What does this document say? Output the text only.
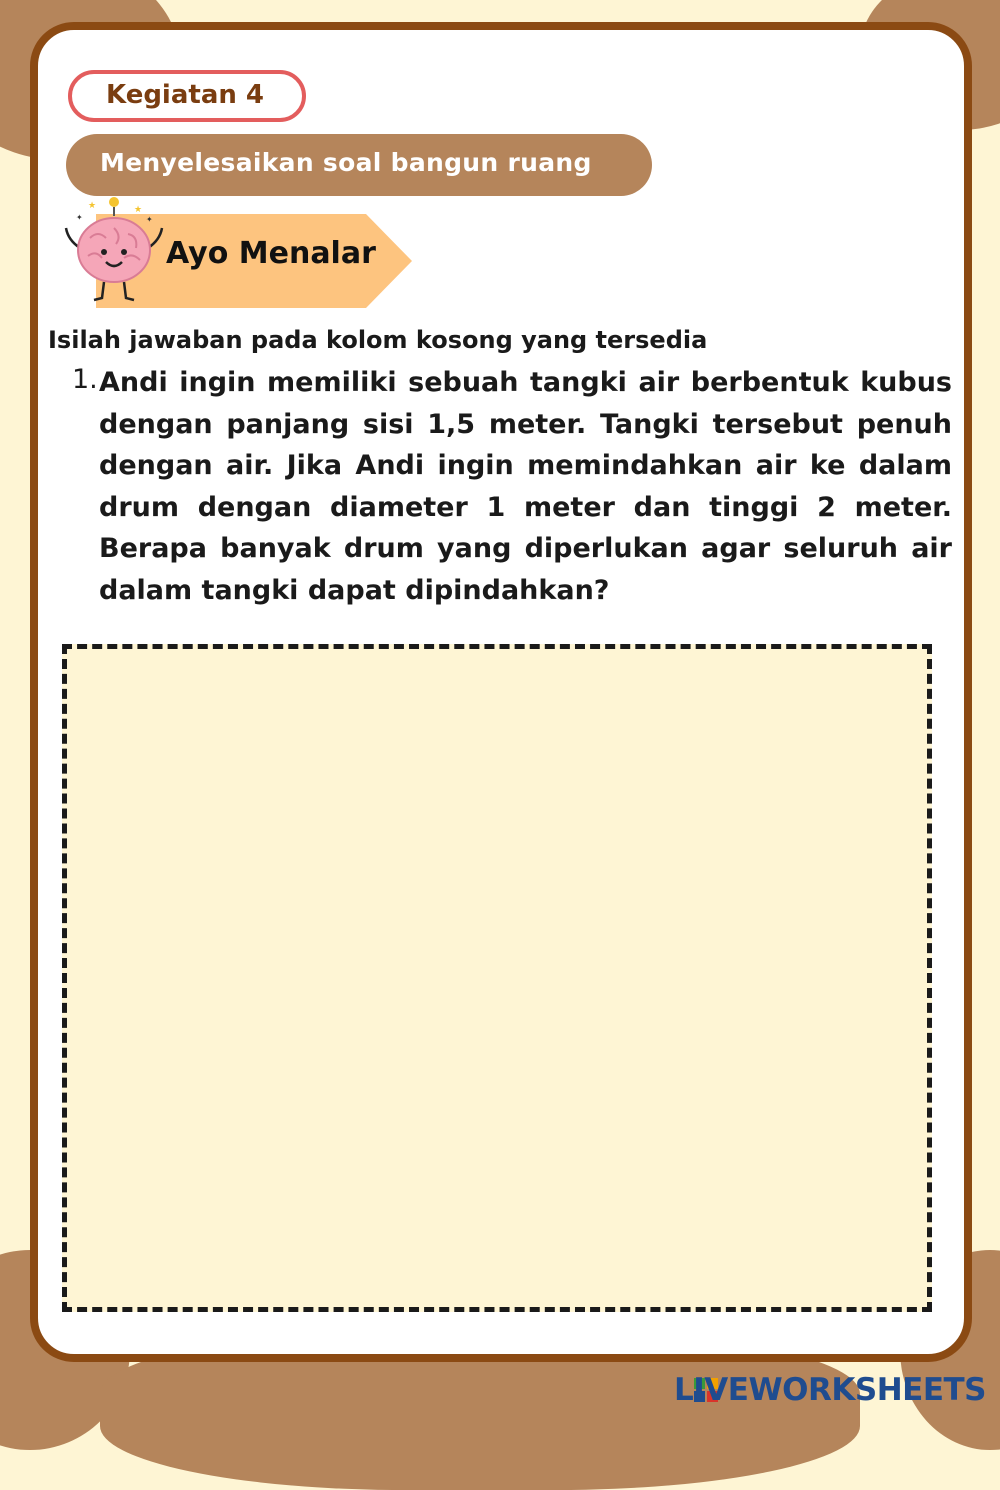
Kegiatan 4
Menyelesaikan soal bangun ruang
Ayo Menalar
★	★
✦	✦
Isilah jawaban pada kolom kosong yang tersedia
1. Andi ingin memiliki sebuah tangki air berbentuk kubus dengan panjang sisi 1,5 meter. Tangki tersebut penuh dengan air. Jika Andi ingin memindahkan air ke dalam drum dengan diameter 1 meter dan tinggi 2 meter. Berapa banyak drum yang diperlukan agar seluruh air dalam tangki dapat dipindahkan?
LIVEWORKSHEETS
